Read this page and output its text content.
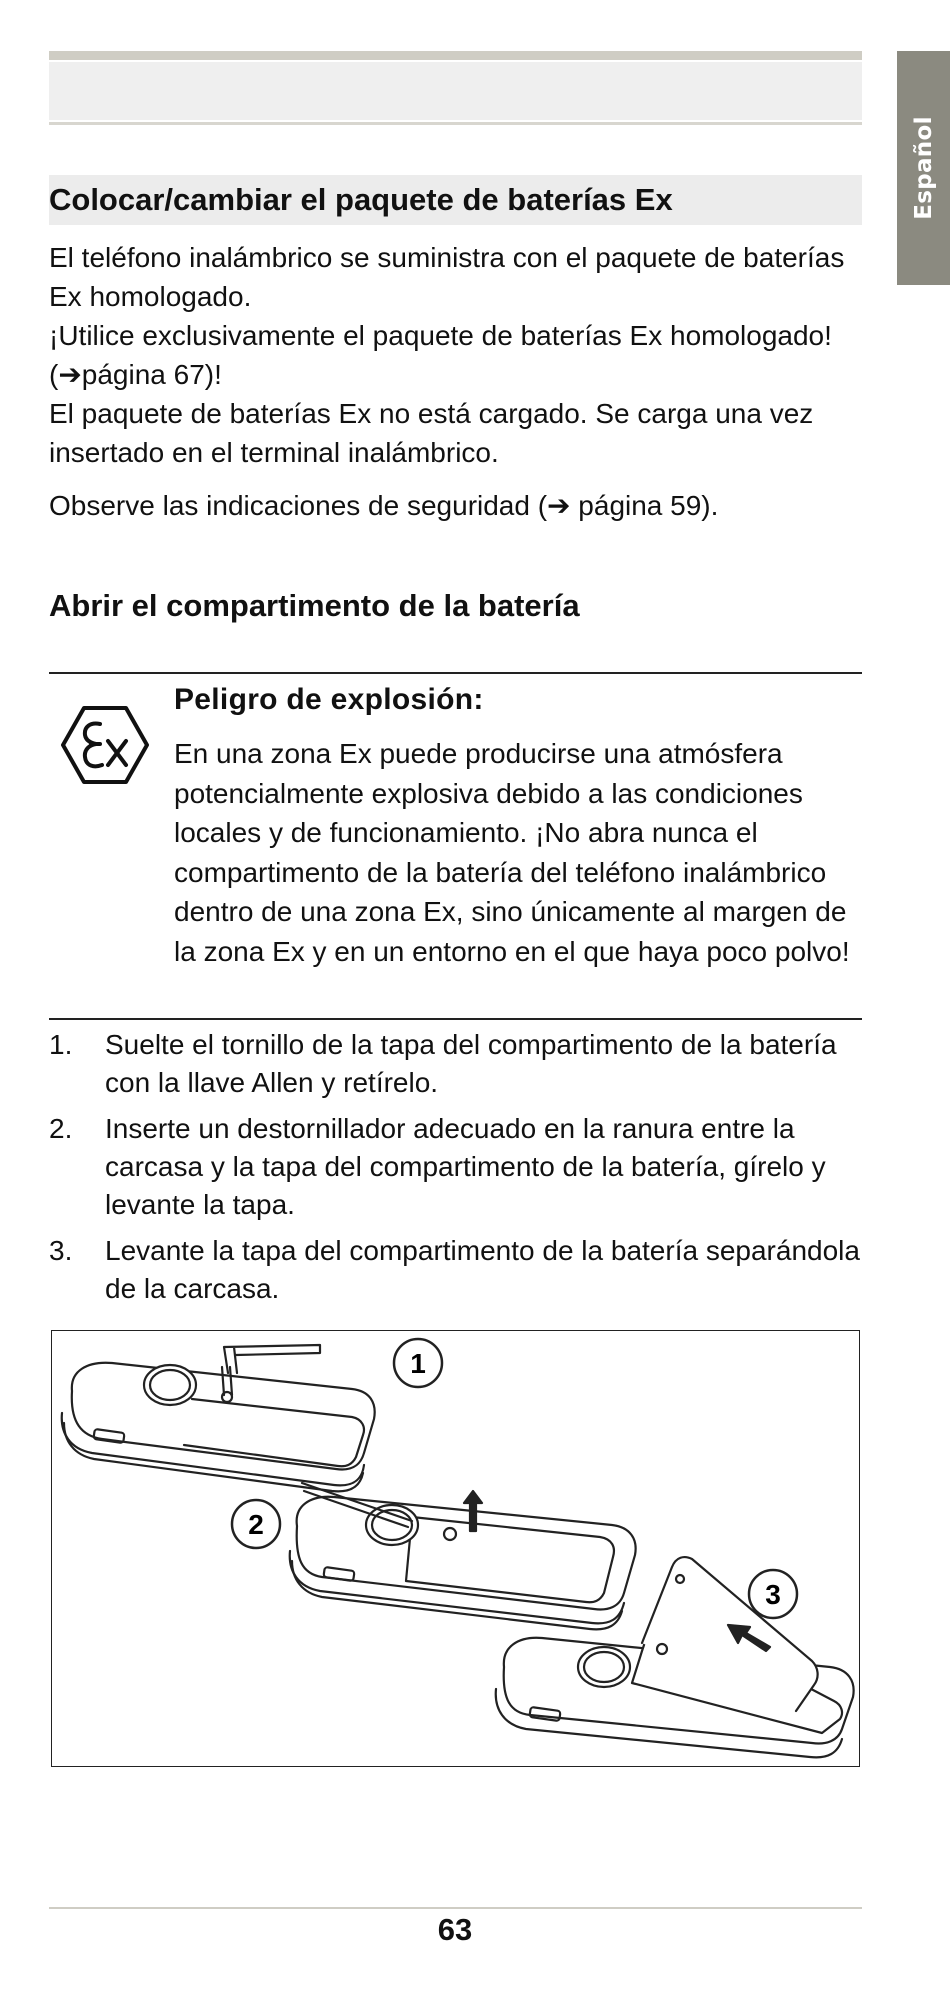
Español
Colocar/cambiar el paquete de baterías Ex

El teléfono inalámbrico se suministra con el paquete de baterías Ex homologado.

¡Utilice exclusivamente el paquete de baterías Ex homologado! (➔página 67)!

El paquete de baterías Ex no está cargado. Se carga una vez insertado en el terminal inalámbrico.

Observe las indicaciones de seguridad (➔ página 59).

Abrir el compartimento de la batería
Peligro de explosión:

En una zona Ex puede producirse una atmósfera potencialmente explosiva debido a las condiciones locales y de funcionamiento. ¡No abra nunca el compartimento de la batería del teléfono inalámbrico dentro de una zona Ex, sino únicamente al margen de la zona Ex y en un entorno en el que haya poco polvo!

1. Suelte el tornillo de la tapa del compartimento de la batería con la llave Allen y retírelo.
2. Inserte un destornillador adecuado en la ranura entre la carcasa y la tapa del compartimento de la batería, gírelo y levante la tapa.
3. Levante la tapa del compartimento de la batería separándola de la carcasa.
1
2
3
63
